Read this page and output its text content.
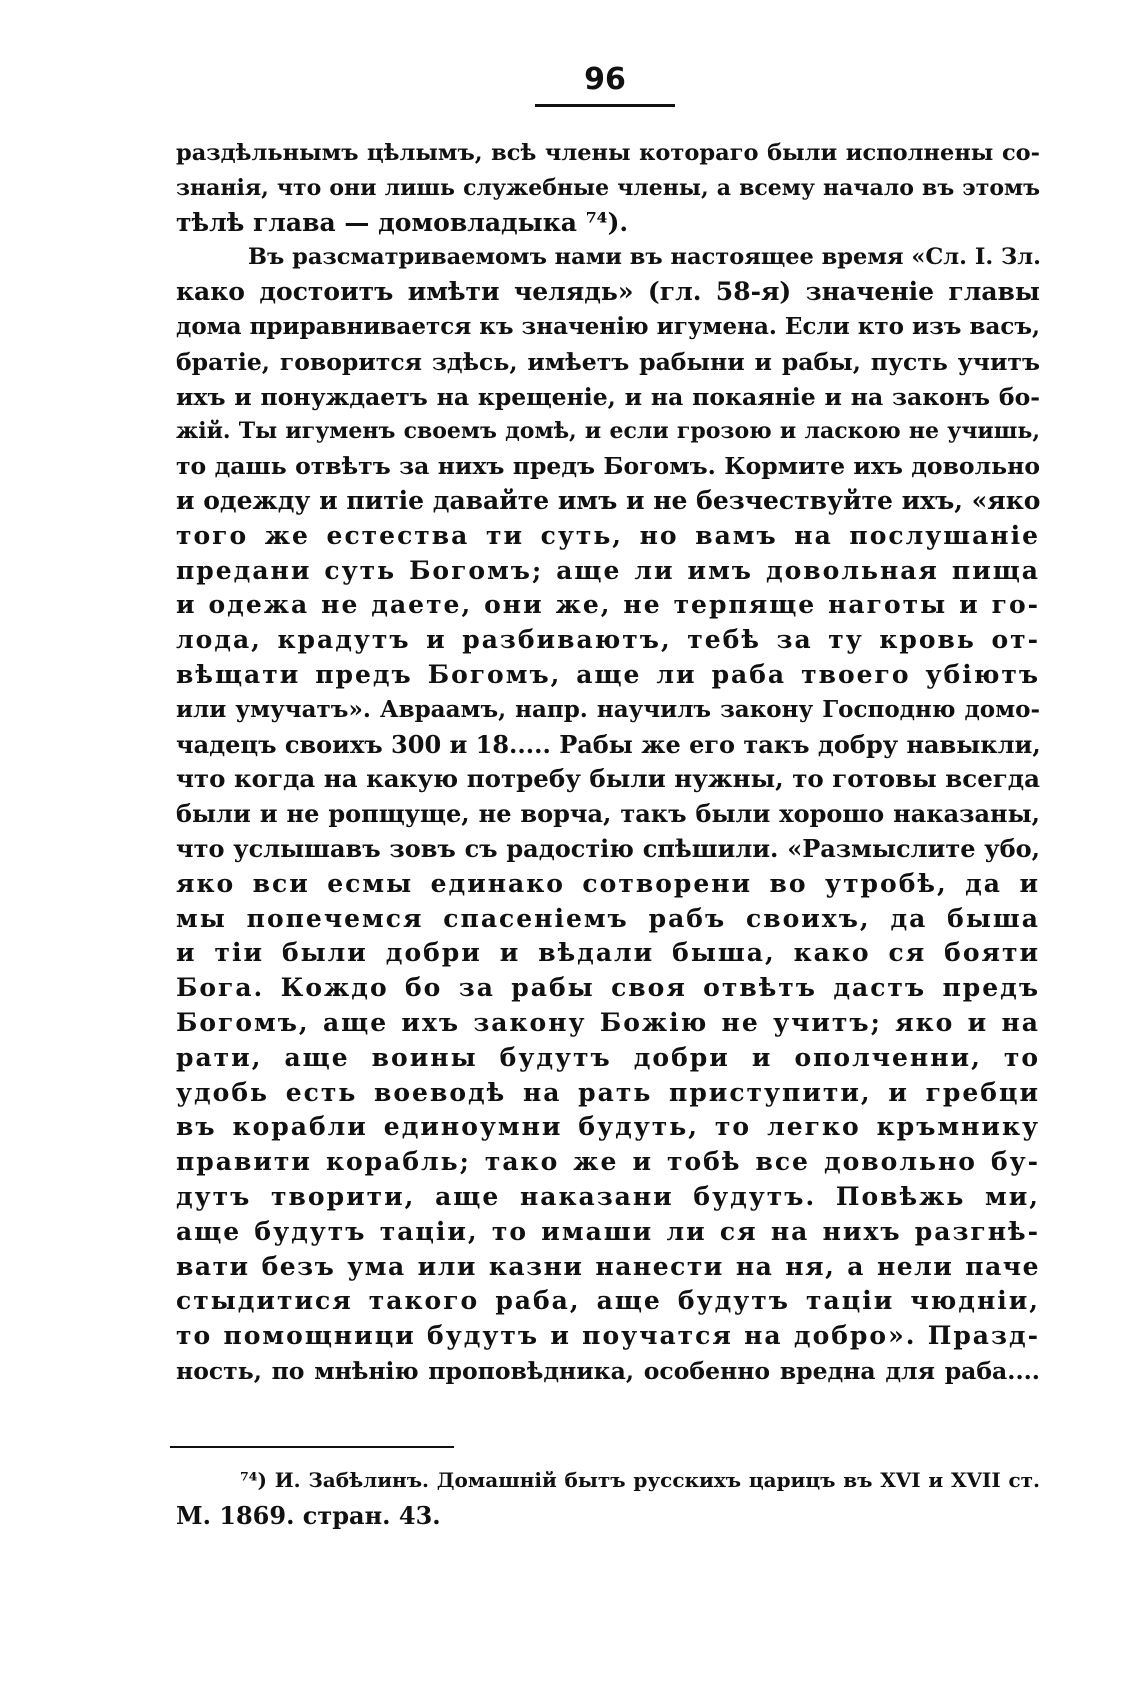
96
раздѣльнымъ цѣлымъ, всѣ члены котораго были исполнены со-
знанія, что они лишь служебные члены, а всему начало въ этомъ
тѣлѣ глава — домовладыка ⁷⁴).
Въ разсматриваемомъ нами въ настоящее время «Сл. I. Зл.
како достоитъ имѣти челядь» (гл. 58-я) значеніе главы
дома приравнивается къ значенію игумена. Если кто изъ васъ,
братіе, говорится здѣсь, имѣетъ рабыни и рабы, пусть учитъ
ихъ и понуждаетъ на крещеніе, и на покаяніе и на законъ бо-
жій. Ты игуменъ своемъ домѣ, и если грозою и ласкою не учишь,
то дашь отвѣтъ за нихъ предъ Богомъ. Кормите ихъ довольно
и одежду и питіе давайте имъ и не безчествуйте ихъ, «яко
того же естества ти суть, но вамъ на послушаніе
предани суть Богомъ; аще ли имъ довольная пища
и одежа не даете, они же, не терпяще наготы и го-
лода, крадутъ и разбиваютъ, тебѣ за ту кровь от-
вѣщати предъ Богомъ, аще ли раба твоего убіютъ
или умучатъ». Авраамъ, напр. научилъ закону Господню домо-
чадецъ своихъ 300 и 18..... Рабы же его такъ добру навыкли,
что когда на какую потребу были нужны, то готовы всегда
были и не ропщуще, не ворча, такъ были хорошо наказаны,
что услышавъ зовъ съ радостію спѣшили. «Размыслите убо,
яко вси есмы единако сотворени во утробѣ, да и
мы попечемся спасеніемъ рабъ своихъ, да быша
и тіи были добри и вѣдали быша, како ся бояти
Бога. Кождо бо за рабы своя отвѣтъ дастъ предъ
Богомъ, аще ихъ закону Божію не учитъ; яко и на
рати, аще воины будутъ добри и ополченни, то
удобь есть воеводѣ на рать приступити, и гребци
въ корабли единоумни будуть, то легко кръмнику
правити корабль; тако же и тобѣ все довольно бу-
дутъ творити, аще наказани будутъ. Повѣжь ми,
аще будутъ таціи, то имаши ли ся на нихъ разгнѣ-
вати безъ ума или казни нанести на ня, а нели паче
стыдитися такого раба, аще будутъ таціи чюдніи,
то помощници будутъ и поучатся на добро». Празд-
ность, по мнѣнію проповѣдника, особенно вредна для раба....
⁷⁴) И. Забѣлинъ. Домашній бытъ русскихъ царицъ въ XVI и XVII ст.
М. 1869. стран. 43.
